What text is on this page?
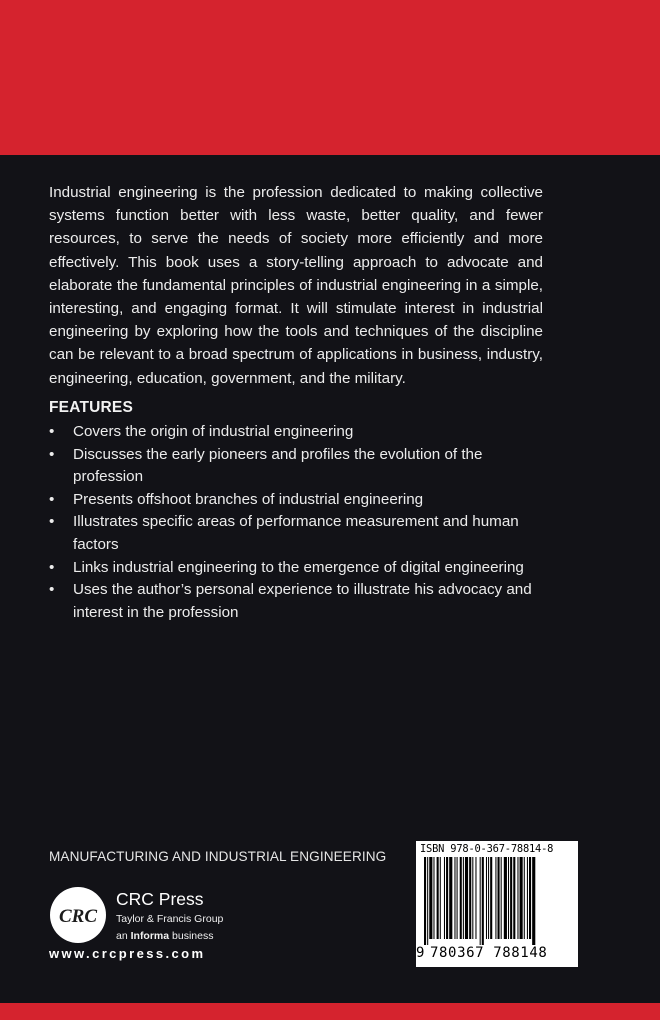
Industrial engineering is the profession dedicated to making collective systems function better with less waste, better quality, and fewer resources, to serve the needs of society more efficiently and more effectively. This book uses a story-telling approach to advocate and elaborate the fundamental principles of industrial engineering in a simple, interesting, and engaging format. It will stimulate interest in industrial engineering by exploring how the tools and techniques of the discipline can be relevant to a broad spectrum of applications in business, industry, engineering, education, government, and the military.

FEATURES
• Covers the origin of industrial engineering
• Discusses the early pioneers and profiles the evolution of the profession
• Presents offshoot branches of industrial engineering
• Illustrates specific areas of performance measurement and human factors
• Links industrial engineering to the emergence of digital engineering
• Uses the author’s personal experience to illustrate his advocacy and interest in the profession
MANUFACTURING AND INDUSTRIAL ENGINEERING
CRC
CRC Press
Taylor & Francis Group
an Informa business
www.crcpress.com
ISBN 978-0-367-78814-8
9 780367 788148
